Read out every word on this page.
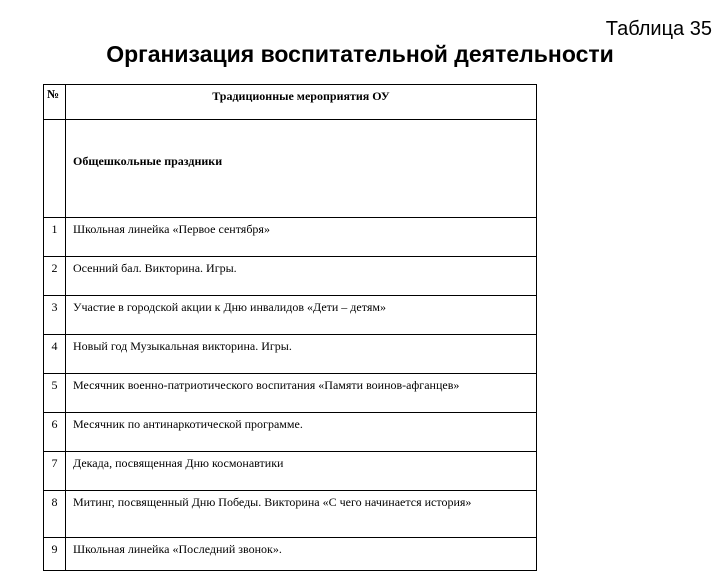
Таблица 35
Организация воспитательной деятельности
№	Традиционные мероприятия ОУ
	Общешкольные праздники
1	Школьная линейка «Первое сентября»
2	Осенний бал. Викторина. Игры.
3	Участие в городской акции к Дню инвалидов «Дети – детям»
4	Новый год Музыкальная викторина. Игры.
5	Месячник военно-патриотического воспитания «Памяти воинов-афганцев»
6	Месячник по антинаркотической программе.
7	Декада, посвященная Дню космонавтики
8	Митинг, посвященный Дню Победы. Викторина «С чего начинается история»
9	Школьная линейка «Последний звонок».
